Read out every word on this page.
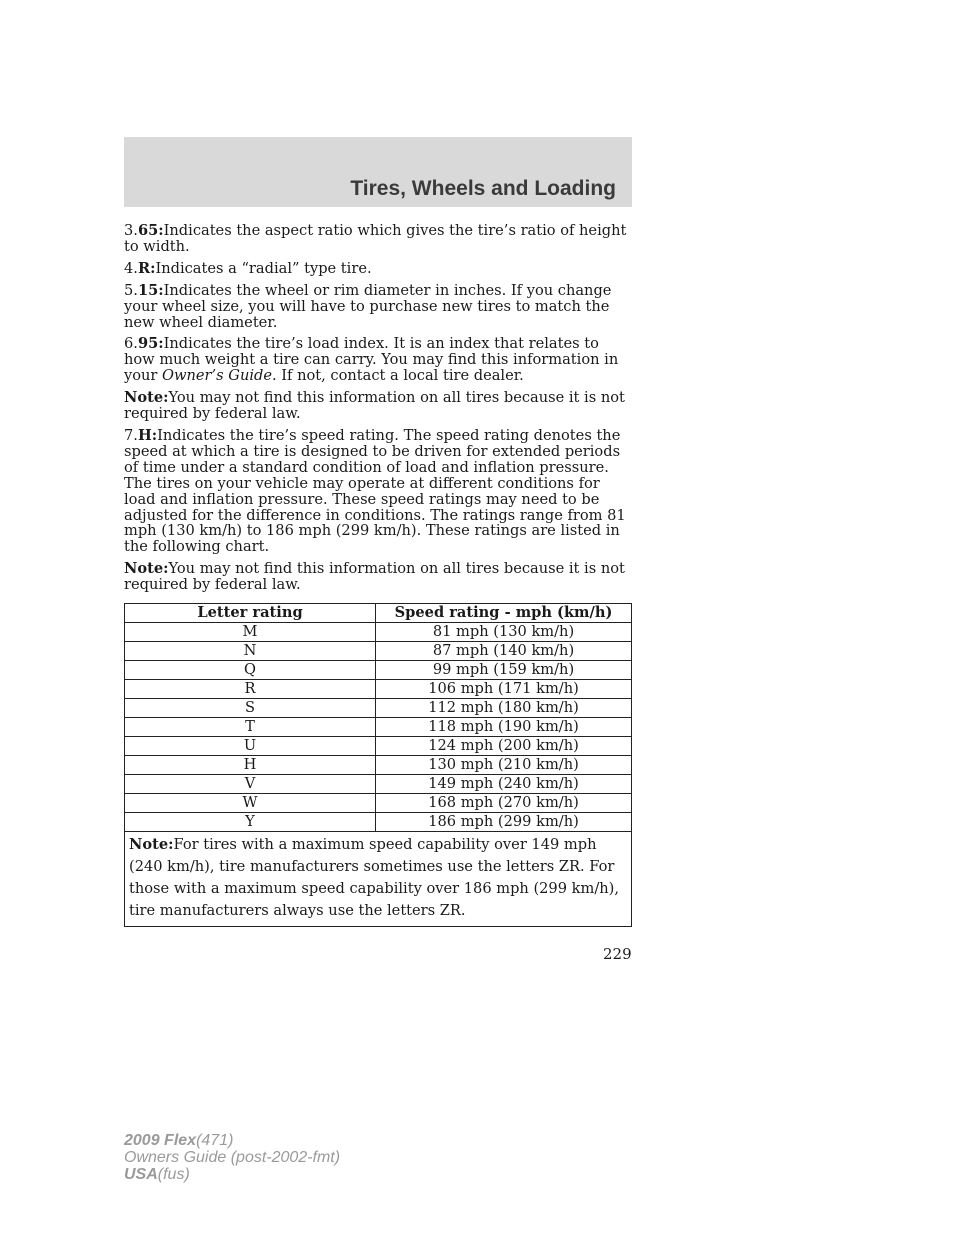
Tires, Wheels and Loading

3.65:Indicates the aspect ratio which gives the tire’s ratio of height to width.

4.R:Indicates a “radial” type tire.

5.15:Indicates the wheel or rim diameter in inches. If you change your wheel size, you will have to purchase new tires to match the new wheel diameter.

6.95:Indicates the tire’s load index. It is an index that relates to how much weight a tire can carry. You may find this information in your Owner’s Guide. If not, contact a local tire dealer.

Note:You may not find this information on all tires because it is not required by federal law.

7.H:Indicates the tire’s speed rating. The speed rating denotes the speed at which a tire is designed to be driven for extended periods of time under a standard condition of load and inflation pressure. The tires on your vehicle may operate at different conditions for load and inflation pressure. These speed ratings may need to be adjusted for the difference in conditions. The ratings range from 81 mph (130 km/h) to 186 mph (299 km/h). These ratings are listed in the following chart.

Note:You may not find this information on all tires because it is not required by federal law.

Letter rating	Speed rating - mph (km/h)
M	81 mph (130 km/h)
N	87 mph (140 km/h)
Q	99 mph (159 km/h)
R	106 mph (171 km/h)
S	112 mph (180 km/h)
T	118 mph (190 km/h)
U	124 mph (200 km/h)
H	130 mph (210 km/h)
V	149 mph (240 km/h)
W	168 mph (270 km/h)
Y	186 mph (299 km/h)
Note:For tires with a maximum speed capability over 149 mph (240 km/h), tire manufacturers sometimes use the letters ZR. For those with a maximum speed capability over 186 mph (299 km/h), tire manufacturers always use the letters ZR.	
229
2009 Flex(471)
Owners Guide (post-2002-fmt)
USA(fus)
